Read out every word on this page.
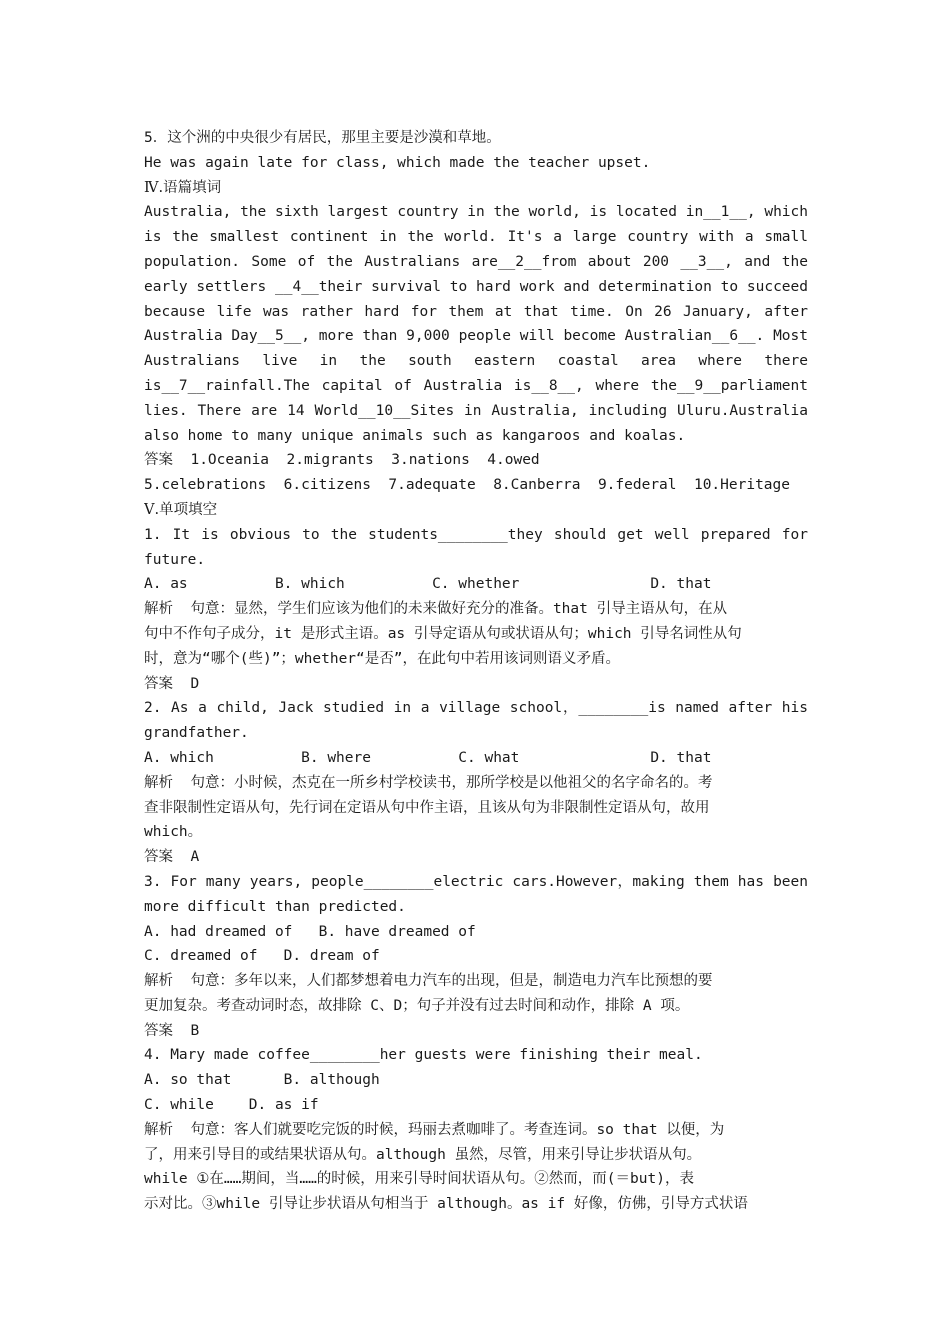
5．这个洲的中央很少有居民，那里主要是沙漠和草地。
He was again late for class, which made the teacher upset.
Ⅳ.语篇填词
Australia, the sixth largest country in the world, is located in__1__, which
is the smallest continent in the world. It's a large country with a small
population. Some of the Australians are__2__from about 200 __3__, and the
early settlers __4__their survival to hard work and determination to succeed
because life was rather hard for them at that time. On 26 January, after
Australia Day__5__, more than 9,000 people will become Australian__6__. Most
Australians live in the south eastern coastal area where there
is__7__rainfall.The capital of Australia is__8__, where the__9__parliament
lies. There are 14 World__10__Sites in Australia, including Uluru.Australia
also home to many unique animals such as kangaroos and koalas.
答案  1.Oceania  2.migrants  3.nations  4.owed
5.celebrations  6.citizens  7.adequate  8.Canberra  9.federal  10.Heritage
Ⅴ.单项填空
1. It is obvious to the students________they should get well prepared for
future.
A. as          B. which          C. whether               D. that
解析  句意：显然，学生们应该为他们的未来做好充分的准备。that 引导主语从句，在从
句中不作句子成分，it 是形式主语。as 引导定语从句或状语从句；which 引导名词性从句
时，意为“哪个(些)”；whether“是否”，在此句中若用该词则语义矛盾。
答案  D
2. As a child, Jack studied in a village school，________is named after his
grandfather.
A. which          B. where          C. what               D. that
解析  句意：小时候，杰克在一所乡村学校读书，那所学校是以他祖父的名字命名的。考
查非限制性定语从句，先行词在定语从句中作主语，且该从句为非限制性定语从句，故用
which。
答案  A
3. For many years, people________electric cars.However，making them has been
more difficult than predicted.
A. had dreamed of   B. have dreamed of
C. dreamed of   D. dream of
解析  句意：多年以来，人们都梦想着电力汽车的出现，但是，制造电力汽车比预想的要
更加复杂。考查动词时态，故排除 C、D；句子并没有过去时间和动作，排除 A 项。
答案  B
4. Mary made coffee________her guests were finishing their meal.
A. so that      B. although
C. while    D. as if
解析  句意：客人们就要吃完饭的时候，玛丽去煮咖啡了。考查连词。so that 以便，为
了，用来引导目的或结果状语从句。although 虽然，尽管，用来引导让步状语从句。
while ①在……期间，当……的时候，用来引导时间状语从句。②然而，而(＝but)，表
示对比。③while 引导让步状语从句相当于 although。as if 好像，仿佛，引导方式状语
